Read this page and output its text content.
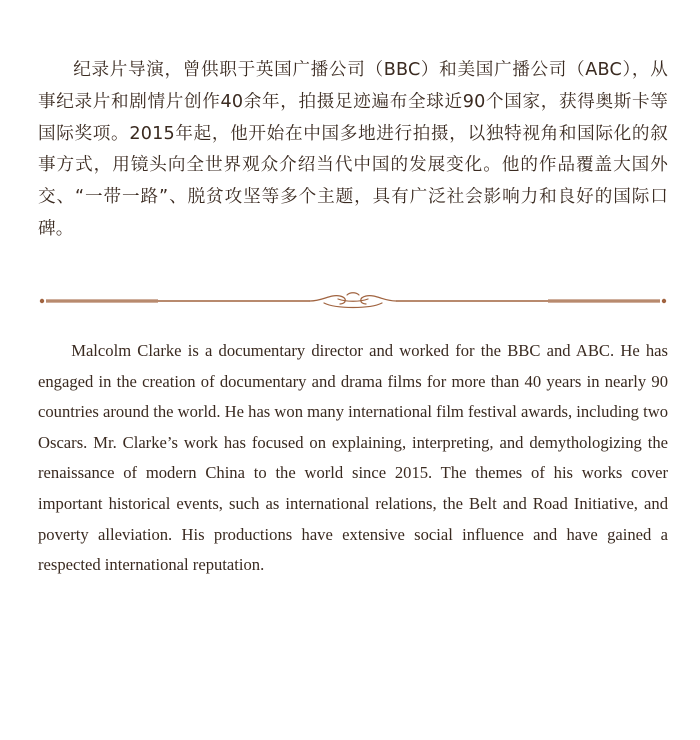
纪录片导演，曾供职于英国广播公司（BBC）和美国广播公司（ABC），从事纪录片和剧情片创作40余年，拍摄足迹遍布全球近90个国家，获得奥斯卡等国际奖项。2015年起，他开始在中国多地进行拍摄，以独特视角和国际化的叙事方式，用镜头向全世界观众介绍当代中国的发展变化。他的作品覆盖大国外交、“一带一路”、脱贫攻坚等多个主题，具有广泛社会影响力和良好的国际口碑。

Malcolm Clarke is a documentary director and worked for the BBC and ABC. He has engaged in the creation of documentary and drama films for more than 40 years in nearly 90 countries around the world. He has won many international film festival awards, including two Oscars. Mr. Clarke’s work has focused on explaining, interpreting, and demythologizing the renaissance of modern China to the world since 2015. The themes of his works cover important historical events, such as international relations, the Belt and Road Initiative, and poverty alleviation. His productions have extensive social influence and have gained a respected international reputation.
